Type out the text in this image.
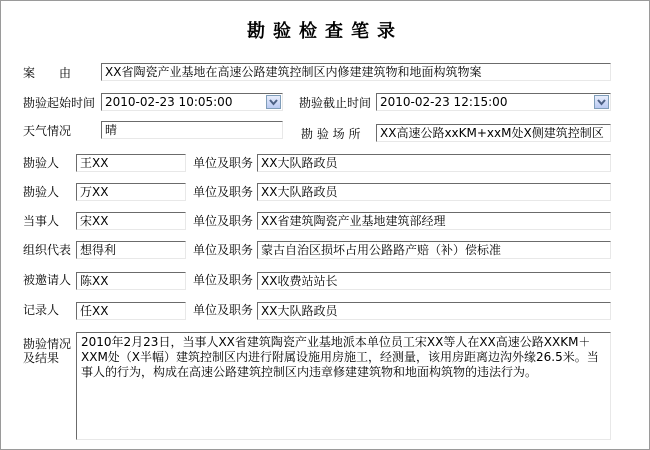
勘验检查笔录
案　　由	XX省陶瓷产业基地在高速公路建筑控制区内修建建筑物和地面构筑物案
勘验起始时间 2010-02-23 10:05:00	勘验截止时间 2010-02-23 12:15:00
天气情况	晴	勘 验 场 所	XX高速公路xxKM+xxM处X侧建筑控制区
勘验人	王XX	单位及职务 XX大队路政员
勘验人	万XX	单位及职务 XX大队路政员
当事人	宋XX	单位及职务 XX省建筑陶瓷产业基地建筑部经理
组织代表 想得利	单位及职务 蒙古自治区损坏占用公路路产赔（补）偿标准
被邀请人 陈XX	单位及职务 XX收费站站长
记录人	任XX	单位及职务 XX大队路政员
勘验情况
及结果
2010年2月23日，当事人XX省建筑陶瓷产业基地派本单位员工宋XX等人在XX高速公路XXKM＋XXM处（X半幅）建筑控制区内进行附属设施用房施工，经测量，该用房距离边沟外缘26.5米。当事人的行为，构成在高速公路建筑控制区内违章修建建筑物和地面构筑物的违法行为。
